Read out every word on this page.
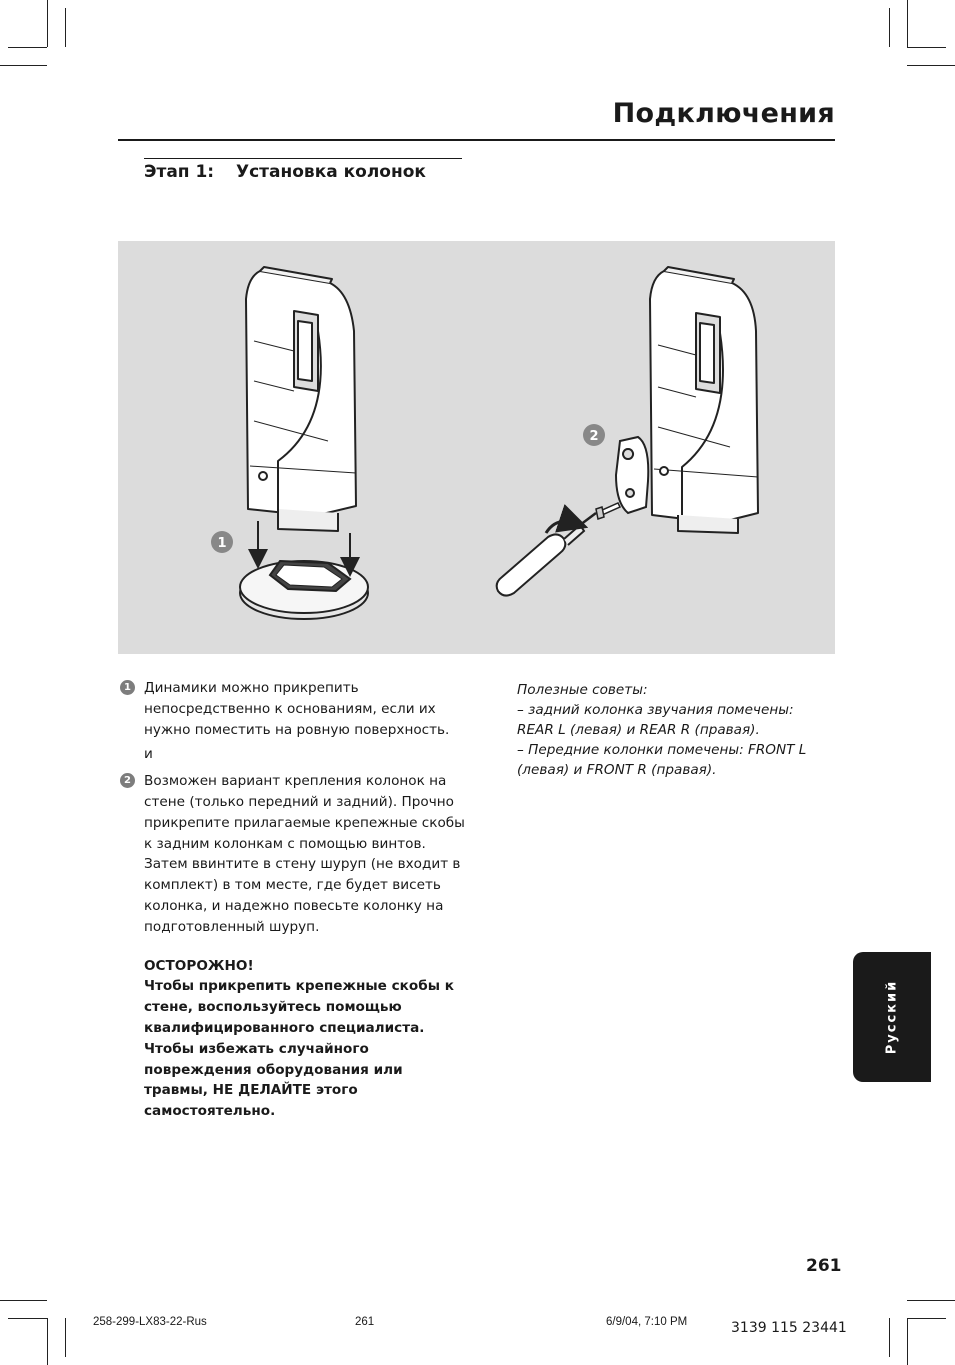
Подключения
Этап 1: Установка колонок
1
2
1 Динамики можно прикрепить непосредственно к основаниям, если их нужно поместить на ровную поверхность.
и
2 Возможен вариант крепления колонок на стене (только передний и задний). Прочно прикрепите прилагаемые крепежные скобы к задним колонкам с помощью винтов. Затем ввинтите в стену шуруп (не входит в комплект) в том месте, где будет висеть колонка, и надежно повесьте колонку на подготовленный шуруп.

ОСТОРОЖНО!

Чтобы прикрепить крепежные скобы к стене, воспользуйтесь помощью квалифицированного специалиста.

Чтобы избежать случайного повреждения оборудования или травмы, НЕ ДЕЛАЙТЕ этого самостоятельно.

Полезные советы:

– задний колонка звучания помечены: REAR L (левая) и REAR R (правая).

– Передние колонки помечены: FRONT L (левая) и FRONT R (правая).

Русский
261
258-299-LX83-22-Rus	261	6/9/04, 7:10 PM	3139 115 23441
